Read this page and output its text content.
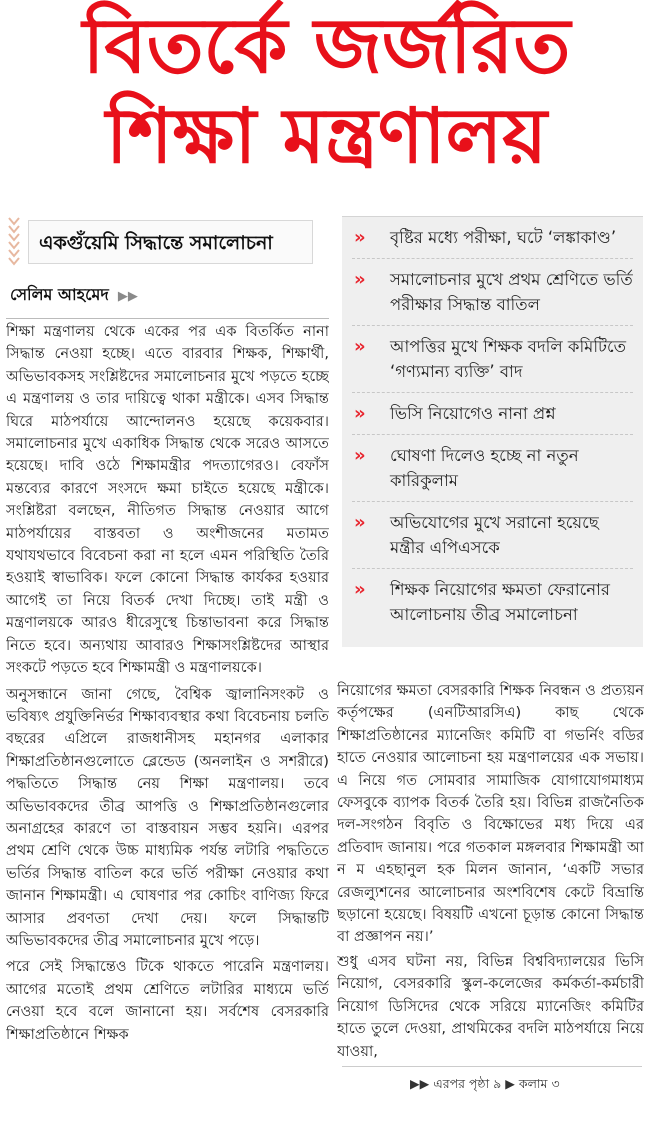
বিতর্কে জর্জরিত
শিক্ষা মন্ত্রণালয়
একগুঁয়েমি সিদ্ধান্তে সমালোচনা
সেলিম আহমেদ ▶▶

শিক্ষা মন্ত্রণালয় থেকে একের পর এক বিতর্কিত নানা সিদ্ধান্ত নেওয়া হচ্ছে। এতে বারবার শিক্ষক, শিক্ষার্থী, অভিভাবকসহ সংশ্লিষ্টদের সমালোচনার মুখে পড়তে হচ্ছে এ মন্ত্রণালয় ও তার দায়িত্বে থাকা মন্ত্রীকে। এসব সিদ্ধান্ত ঘিরে মাঠপর্যায়ে আন্দোলনও হয়েছে কয়েকবার। সমালোচনার মুখে একাধিক সিদ্ধান্ত থেকে সরেও আসতে হয়েছে। দাবি ওঠে শিক্ষামন্ত্রীর পদত্যাগেরও। বেফাঁস মন্তব্যের কারণে সংসদে ক্ষমা চাইতে হয়েছে মন্ত্রীকে। সংশ্লিষ্টরা বলছেন, নীতিগত সিদ্ধান্ত নেওয়ার আগে মাঠপর্যায়ের বাস্তবতা ও অংশীজনের মতামত যথাযথভাবে বিবেচনা করা না হলে এমন পরিস্থিতি তৈরি হওয়াই স্বাভাবিক। ফলে কোনো সিদ্ধান্ত কার্যকর হওয়ার আগেই তা নিয়ে বিতর্ক দেখা দিচ্ছে। তাই মন্ত্রী ও মন্ত্রণালয়কে আরও ধীরেসুস্থে চিন্তাভাবনা করে সিদ্ধান্ত নিতে হবে। অন্যথায় আবারও শিক্ষাসংশ্লিষ্টদের আস্থার সংকটে পড়তে হবে শিক্ষামন্ত্রী ও মন্ত্রণালয়কে।

অনুসন্ধানে জানা গেছে, বৈশ্বিক জ্বালানিসংকট ও ভবিষ্যৎ প্রযুক্তিনির্ভর শিক্ষাব্যবস্থার কথা বিবেচনায় চলতি বছরের এপ্রিলে রাজধানীসহ মহানগর এলাকার শিক্ষাপ্রতিষ্ঠানগুলোতে ব্লেন্ডেড (অনলাইন ও সশরীরে) পদ্ধতিতে সিদ্ধান্ত নেয় শিক্ষা মন্ত্রণালয়। তবে অভিভাবকদের তীব্র আপত্তি ও শিক্ষাপ্রতিষ্ঠানগুলোর অনাগ্রহের কারণে তা বাস্তবায়ন সম্ভব হয়নি। এরপর প্রথম শ্রেণি থেকে উচ্চ মাধ্যমিক পর্যন্ত লটারি পদ্ধতিতে ভর্তির সিদ্ধান্ত বাতিল করে ভর্তি পরীক্ষা নেওয়ার কথা জানান শিক্ষামন্ত্রী। এ ঘোষণার পর কোচিং বাণিজ্য ফিরে আসার প্রবণতা দেখা দেয়। ফলে সিদ্ধান্তটি অভিভাবকদের তীব্র সমালোচনার মুখে পড়ে।

পরে সেই সিদ্ধান্তেও টিকে থাকতে পারেনি মন্ত্রণালয়। আগের মতোই প্রথম শ্রেণিতে লটারির মাধ্যমে ভর্তি নেওয়া হবে বলে জানানো হয়। সর্বশেষ বেসরকারি শিক্ষাপ্রতিষ্ঠানে শিক্ষক

» বৃষ্টির মধ্যে পরীক্ষা, ঘটে ‘লঙ্কাকাণ্ড’
» সমালোচনার মুখে প্রথম শ্রেণিতে ভর্তি পরীক্ষার সিদ্ধান্ত বাতিল
» আপত্তির মুখে শিক্ষক বদলি কমিটিতে ‘গণ্যমান্য ব্যক্তি’ বাদ
» ভিসি নিয়োগেও নানা প্রশ্ন
» ঘোষণা দিলেও হচ্ছে না নতুন কারিকুলাম
» অভিযোগের মুখে সরানো হয়েছে মন্ত্রীর এপিএসকে
» শিক্ষক নিয়োগের ক্ষমতা ফেরানোর আলোচনায় তীব্র সমালোচনা

নিয়োগের ক্ষমতা বেসরকারি শিক্ষক নিবন্ধন ও প্রত্যয়ন কর্তৃপক্ষের (এনটিআরসিএ) কাছ থেকে শিক্ষাপ্রতিষ্ঠানের ম্যানেজিং কমিটি বা গভর্নিং বডির হাতে নেওয়ার আলোচনা হয় মন্ত্রণালয়ের এক সভায়। এ নিয়ে গত সোমবার সামাজিক যোগাযোগমাধ্যম ফেসবুকে ব্যাপক বিতর্ক তৈরি হয়। বিভিন্ন রাজনৈতিক দল-সংগঠন বিবৃতি ও বিক্ষোভের মধ্য দিয়ে এর প্রতিবাদ জানায়। পরে গতকাল মঙ্গলবার শিক্ষামন্ত্রী আ ন ম এহছানুল হক মিলন জানান, ‘একটি সভার রেজল্যুশনের আলোচনার অংশবিশেষ কেটে বিভ্রান্তি ছড়ানো হয়েছে। বিষয়টি এখনো চূড়ান্ত কোনো সিদ্ধান্ত বা প্রজ্ঞাপন নয়।’

শুধু এসব ঘটনা নয়, বিভিন্ন বিশ্ববিদ্যালয়ের ভিসি নিয়োগ, বেসরকারি স্কুল-কলেজের কর্মকর্তা-কর্মচারী নিয়োগ ডিসিদের থেকে সরিয়ে ম্যানেজিং কমিটির হাতে তুলে দেওয়া, প্রাথমিকের বদলি মাঠপর্যায়ে নিয়ে যাওয়া,

▶▶ এরপর পৃষ্ঠা ৯ ▶ কলাম ৩
